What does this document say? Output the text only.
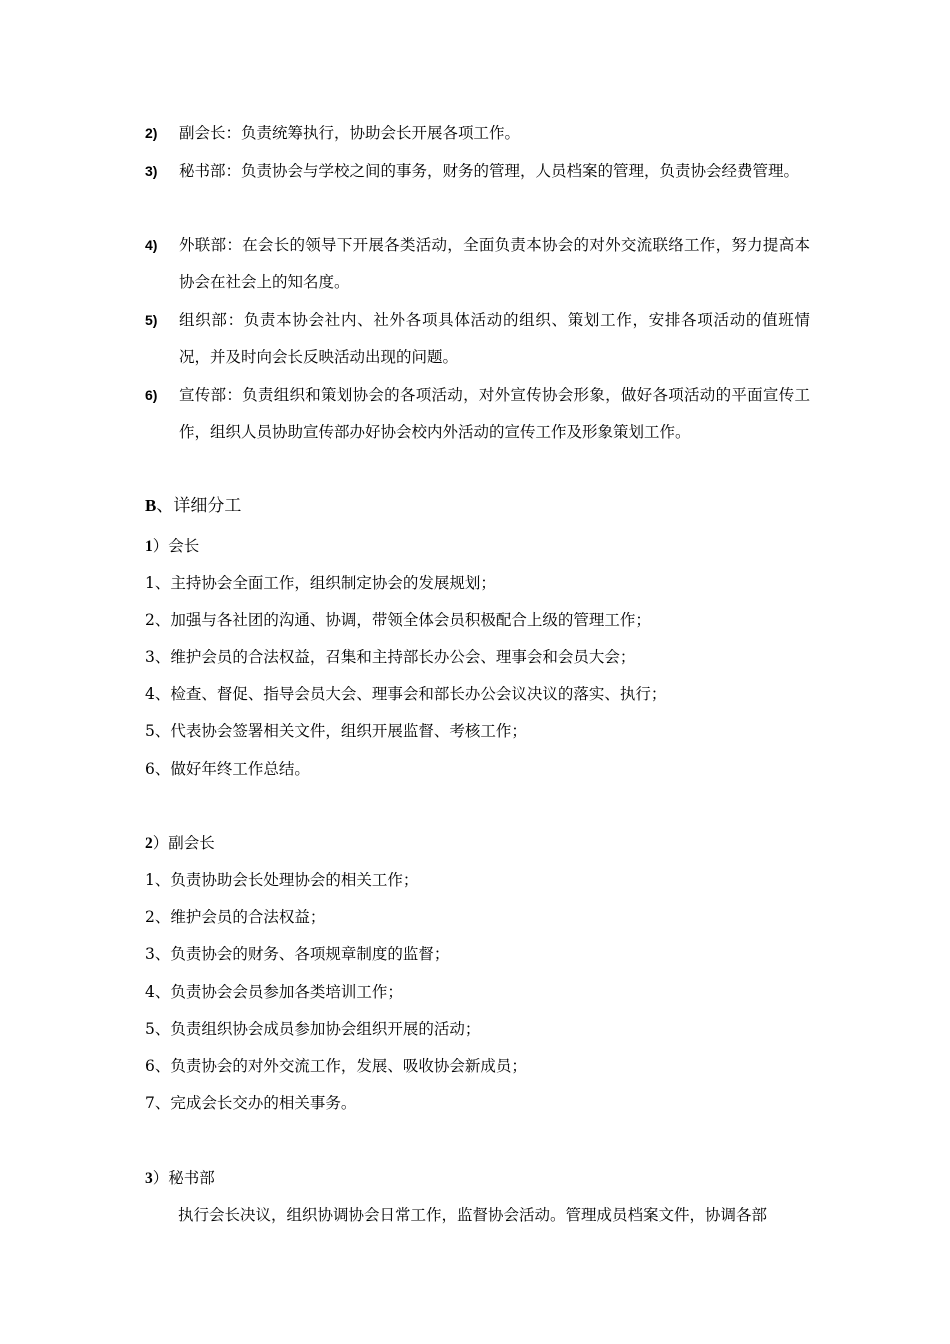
2)	副会长：负责统筹执行，协助会长开展各项工作。
3)	秘书部：负责协会与学校之间的事务，财务的管理，人员档案的管理，负责协会经费管理。
4)	外联部：在会长的领导下开展各类活动，全面负责本协会的对外交流联络工作，努力提高本协会在社会上的知名度。
5)	组织部：负责本协会社内、社外各项具体活动的组织、策划工作，安排各项活动的值班情况，并及时向会长反映活动出现的问题。
6)	宣传部：负责组织和策划协会的各项活动，对外宣传协会形象，做好各项活动的平面宣传工作，组织人员协助宣传部办好协会校内外活动的宣传工作及形象策划工作。
B、详细分工
1）会长
1、主持协会全面工作，组织制定协会的发展规划；
2、加强与各社团的沟通、协调，带领全体会员积极配合上级的管理工作；
3、维护会员的合法权益，召集和主持部长办公会、理事会和会员大会；
4、检查、督促、指导会员大会、理事会和部长办公会议决议的落实、执行；
5、代表协会签署相关文件，组织开展监督、考核工作；
6、做好年终工作总结。
2）副会长
1、负责协助会长处理协会的相关工作；
2、维护会员的合法权益；
3、负责协会的财务、各项规章制度的监督；
4、负责协会会员参加各类培训工作；
5、负责组织协会成员参加协会组织开展的活动；
6、负责协会的对外交流工作，发展、吸收协会新成员；
7、完成会长交办的相关事务。
3）秘书部
执行会长决议，组织协调协会日常工作，监督协会活动。管理成员档案文件，协调各部
